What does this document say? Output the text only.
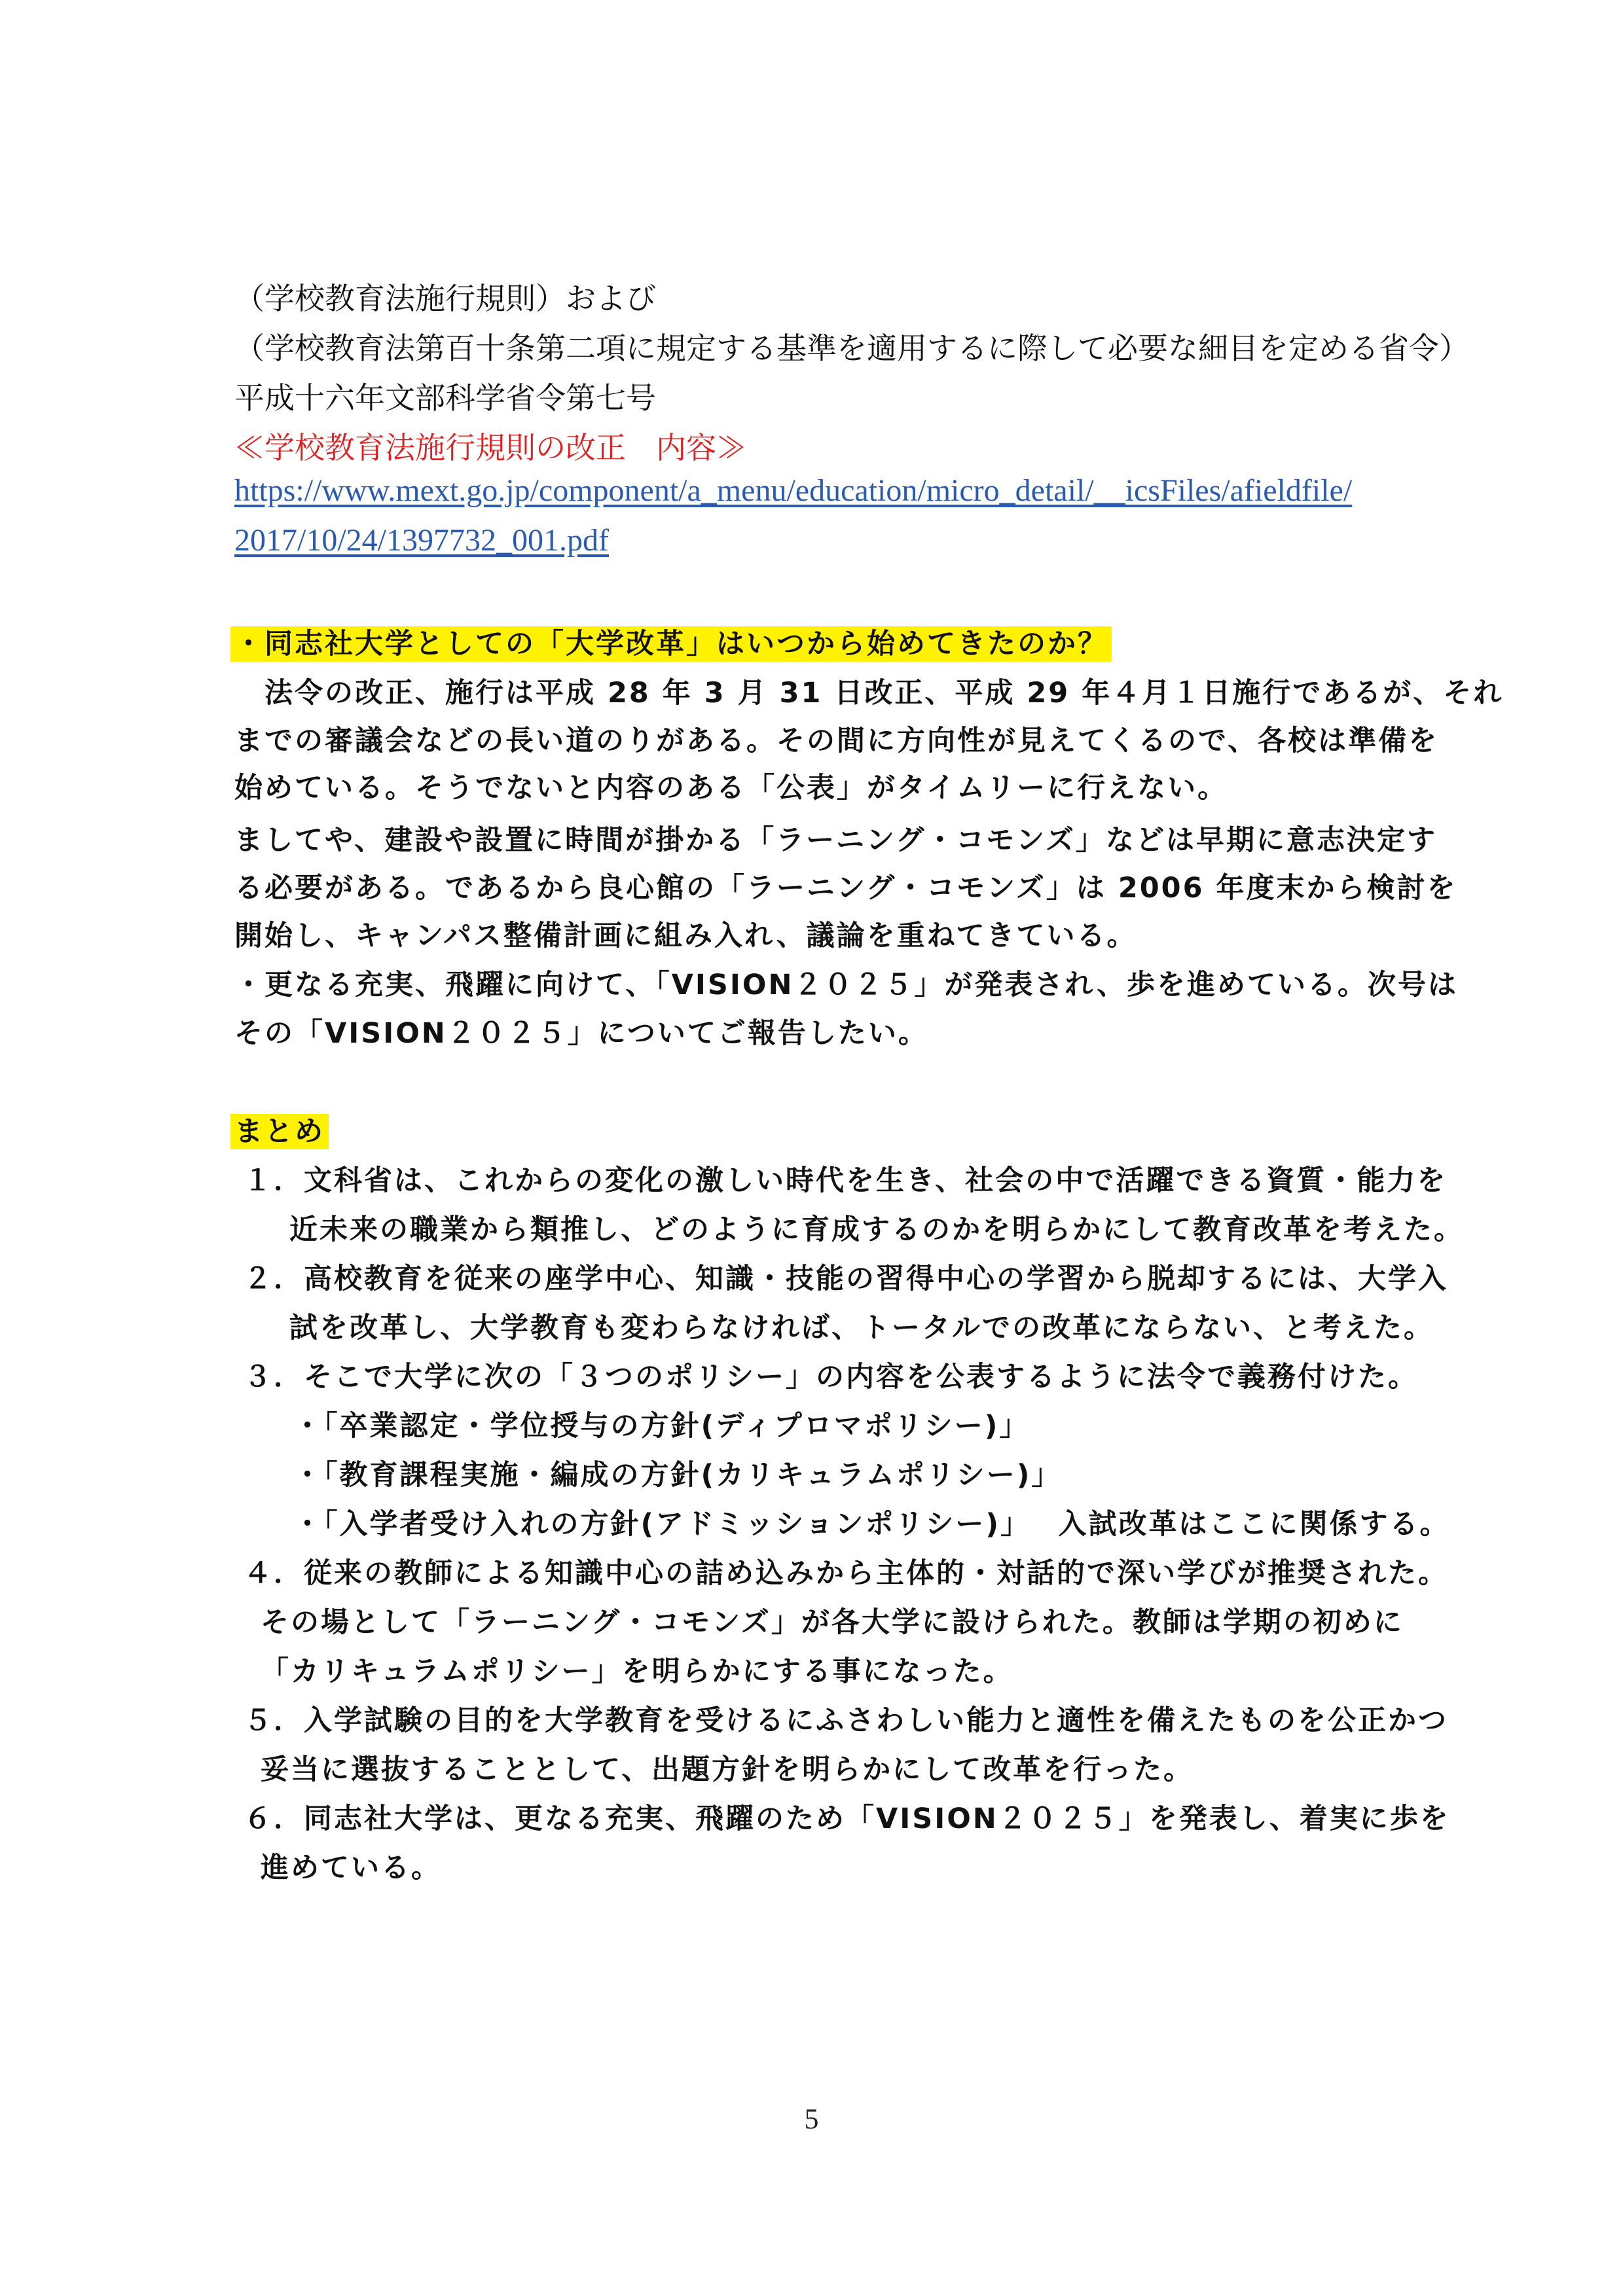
（学校教育法施行規則）および
（学校教育法第百十条第二項に規定する基準を適用するに際して必要な細目を定める省令）
平成十六年文部科学省令第七号
≪学校教育法施行規則の改正　内容≫
https://www.mext.go.jp/component/a_menu/education/micro_detail/__icsFiles/afieldfile/
2017/10/24/1397732_001.pdf
・同志社大学としての「大学改革」はいつから始めてきたのか？
　法令の改正、施行は平成 28 年 3 月 31 日改正、平成 29 年４月１日施行であるが、それ
までの審議会などの長い道のりがある。その間に方向性が見えてくるので、各校は準備を
始めている。そうでないと内容のある「公表」がタイムリーに行えない。
ましてや、建設や設置に時間が掛かる「ラーニング・コモンズ」などは早期に意志決定す
る必要がある。であるから良心館の「ラーニング・コモンズ」は 2006 年度末から検討を
開始し、キャンパス整備計画に組み入れ、議論を重ねてきている。
・更なる充実、飛躍に向けて、「VISION２０２５」が発表され、歩を進めている。次号は
その「VISION２０２５」についてご報告したい。
まとめ
１．文科省は、これからの変化の激しい時代を生き、社会の中で活躍できる資質・能力を
近未来の職業から類推し、どのように育成するのかを明らかにして教育改革を考えた。
２．高校教育を従来の座学中心、知識・技能の習得中心の学習から脱却するには、大学入
試を改革し、大学教育も変わらなければ、トータルでの改革にならない、と考えた。
３．そこで大学に次の「３つのポリシー」の内容を公表するように法令で義務付けた。
・「卒業認定・学位授与の方針(ディプロマポリシー)」
・「教育課程実施・編成の方針(カリキュラムポリシー)」
・「入学者受け入れの方針(アドミッションポリシー)」　 入試改革はここに関係する。
４．従来の教師による知識中心の詰め込みから主体的・対話的で深い学びが推奨された。
その場として「ラーニング・コモンズ」が各大学に設けられた。教師は学期の初めに
「カリキュラムポリシー」を明らかにする事になった。
５．入学試験の目的を大学教育を受けるにふさわしい能力と適性を備えたものを公正かつ
妥当に選抜することとして、出題方針を明らかにして改革を行った。
６．同志社大学は、更なる充実、飛躍のため「VISION２０２５」を発表し、着実に歩を
進めている。
5
